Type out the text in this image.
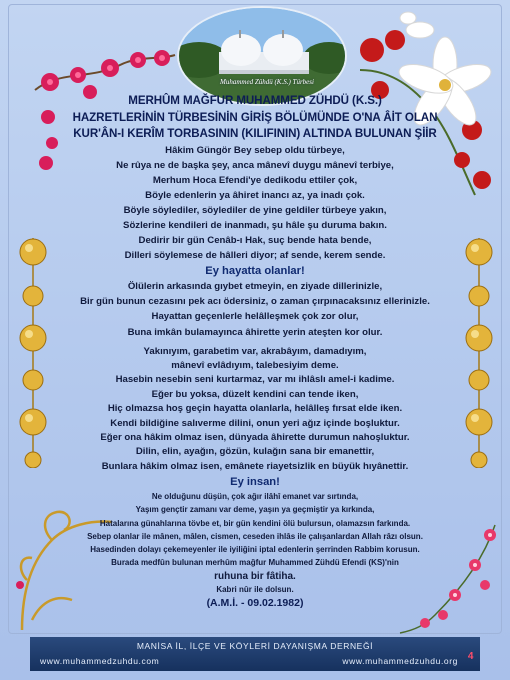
Muhammed Zühdü (K.S.) Türbesi
MERHÛM MAĞFUR MUHAMMED ZÜHDÜ (K.S.)
HAZRETLERİNİN TÜRBESİNİN GİRİŞ BÖLÜMÜNDE O'NA ÂİT OLAN
KUR'ÂN-I KERÎM TORBASININ (KILIFININ) ALTINDA BULUNAN ŞİİR
Hâkim Güngör Bey sebep oldu türbeye,
Ne rûya ne de başka şey, anca mânevî duygu mânevî terbiye,
Merhum Hoca Efendi'ye dedikodu ettiler çok,
Böyle edenlerin ya âhiret inancı az, ya inadı çok.
Böyle söylediler, söylediler de yine geldiler türbeye yakın,
Sözlerine kendileri de inanmadı, şu hâle şu duruma bakın.
Dedirir bir gün Cenâb-ı Hak, suç bende hata bende,
Dilleri söylemese de hâlleri diyor; af sende, kerem sende.
Ey hayatta olanlar!
Ölülerin arkasında gıybet etmeyin, en ziyade dillerinizle,
Bir gün bunun cezasını pek acı ödersiniz, o zaman çırpınacaksınız ellerinizle.
Hayattan geçenlerle helâlleşmek çok zor olur,
Buna imkân bulamayınca âhirette yerin ateşten kor olur.
Yakınıyım, garabetim var, akrabâyım, damadıyım,
mânevî evlâdıyım, talebesiyim deme.
Hasebin nesebin seni kurtarmaz, var mı ihlâslı amel-i kadime.
Eğer bu yoksa, düzelt kendini can tende iken,
Hiç olmazsa hoş geçin hayatta olanlarla, helâlleş fırsat elde iken.
Kendi bildiğine salıverme dilini, onun yeri ağız içinde boşluktur.
Eğer ona hâkim olmaz isen, dünyada âhirette durumun nahoşluktur.
Dilin, elin, ayağın, gözün, kulağın sana bir emanettir,
Bunlara hâkim olmaz isen, emânete riayetsizlik en büyük hıyânettir.
Ey insan!
Ne olduğunu düşün, çok ağır ilâhî emanet var sırtında,
Yaşım gençtir zamanı var deme, yaşın ya geçmiştir ya kırkında,
Hatalarına günahlarına tövbe et, bir gün kendini ölü bulursun, olamazsın farkında.
Sebep olanlar ile mânen, mâlen, cismen, ceseden ihlâs ile çalışanlardan Allah râzı olsun.
Hasedinden dolayı çekemeyenler ile iyiliğini iptal edenlerin şerrinden Rabbim korusun.
Burada medfûn bulunan merhûm mağfur Muhammed Zühdü Efendi (KS)'nin
ruhuna bir fâtiha.
Kabri nûr ile dolsun.
(A.M.İ. - 09.02.1982)
MANİSA İL, İLÇE VE KÖYLERİ DAYANIŞMA DERNEĞİ
www.muhammedzuhdu.com	www.muhammedzuhdu.org 4
